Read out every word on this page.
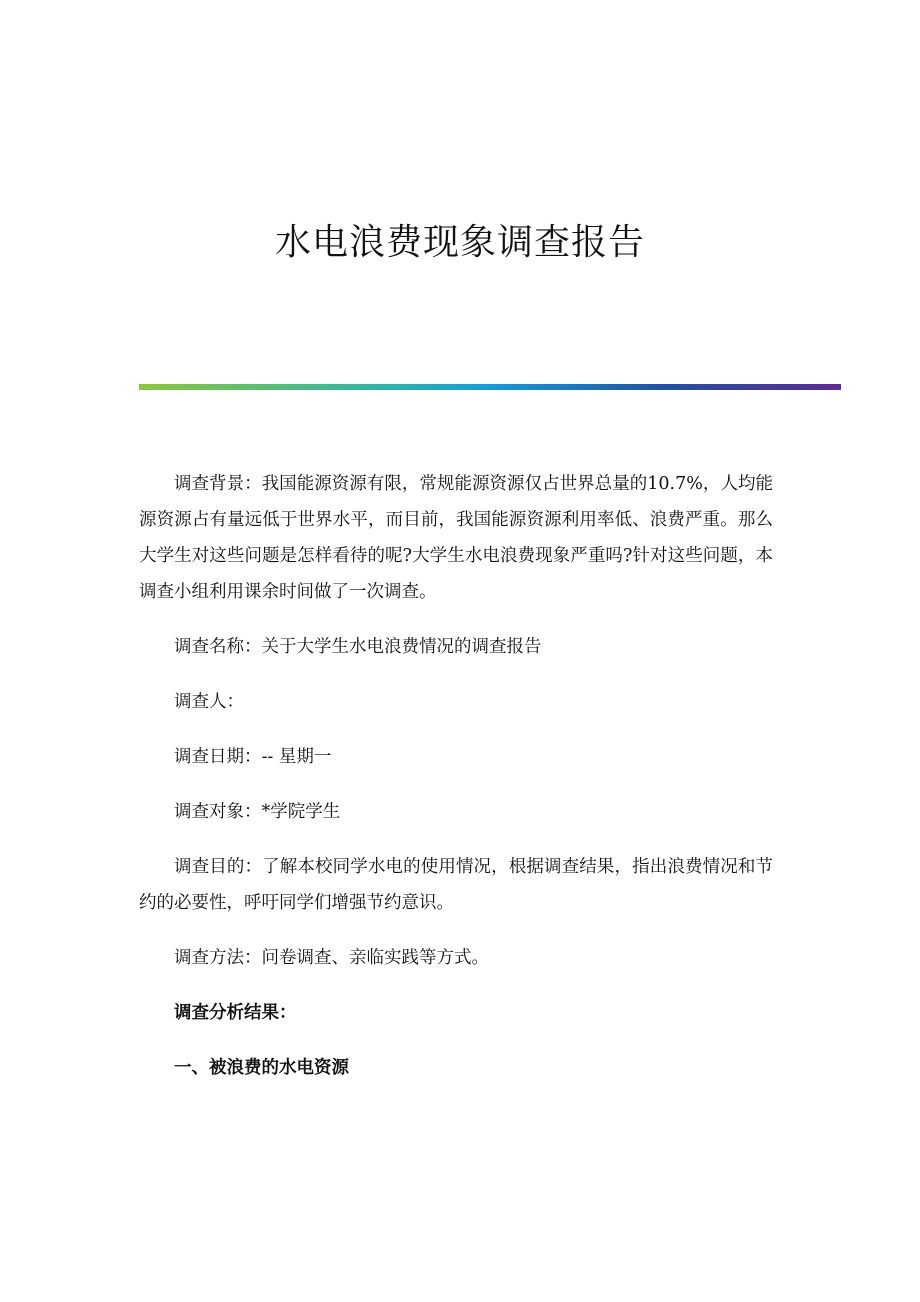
水电浪费现象调查报告

调查背景：我国能源资源有限，常规能源资源仅占世界总量的10.7%，人均能源资源占有量远低于世界水平，而目前，我国能源资源利用率低、浪费严重。那么大学生对这些问题是怎样看待的呢?大学生水电浪费现象严重吗?针对这些问题，本调查小组利用课余时间做了一次调查。

调查名称：关于大学生水电浪费情况的调查报告

调查人：

调查日期：-- 星期一

调查对象：*学院学生

调查目的：了解本校同学水电的使用情况，根据调查结果，指出浪费情况和节约的必要性，呼吁同学们增强节约意识。

调查方法：问卷调查、亲临实践等方式。

调查分析结果：

一、被浪费的水电资源
